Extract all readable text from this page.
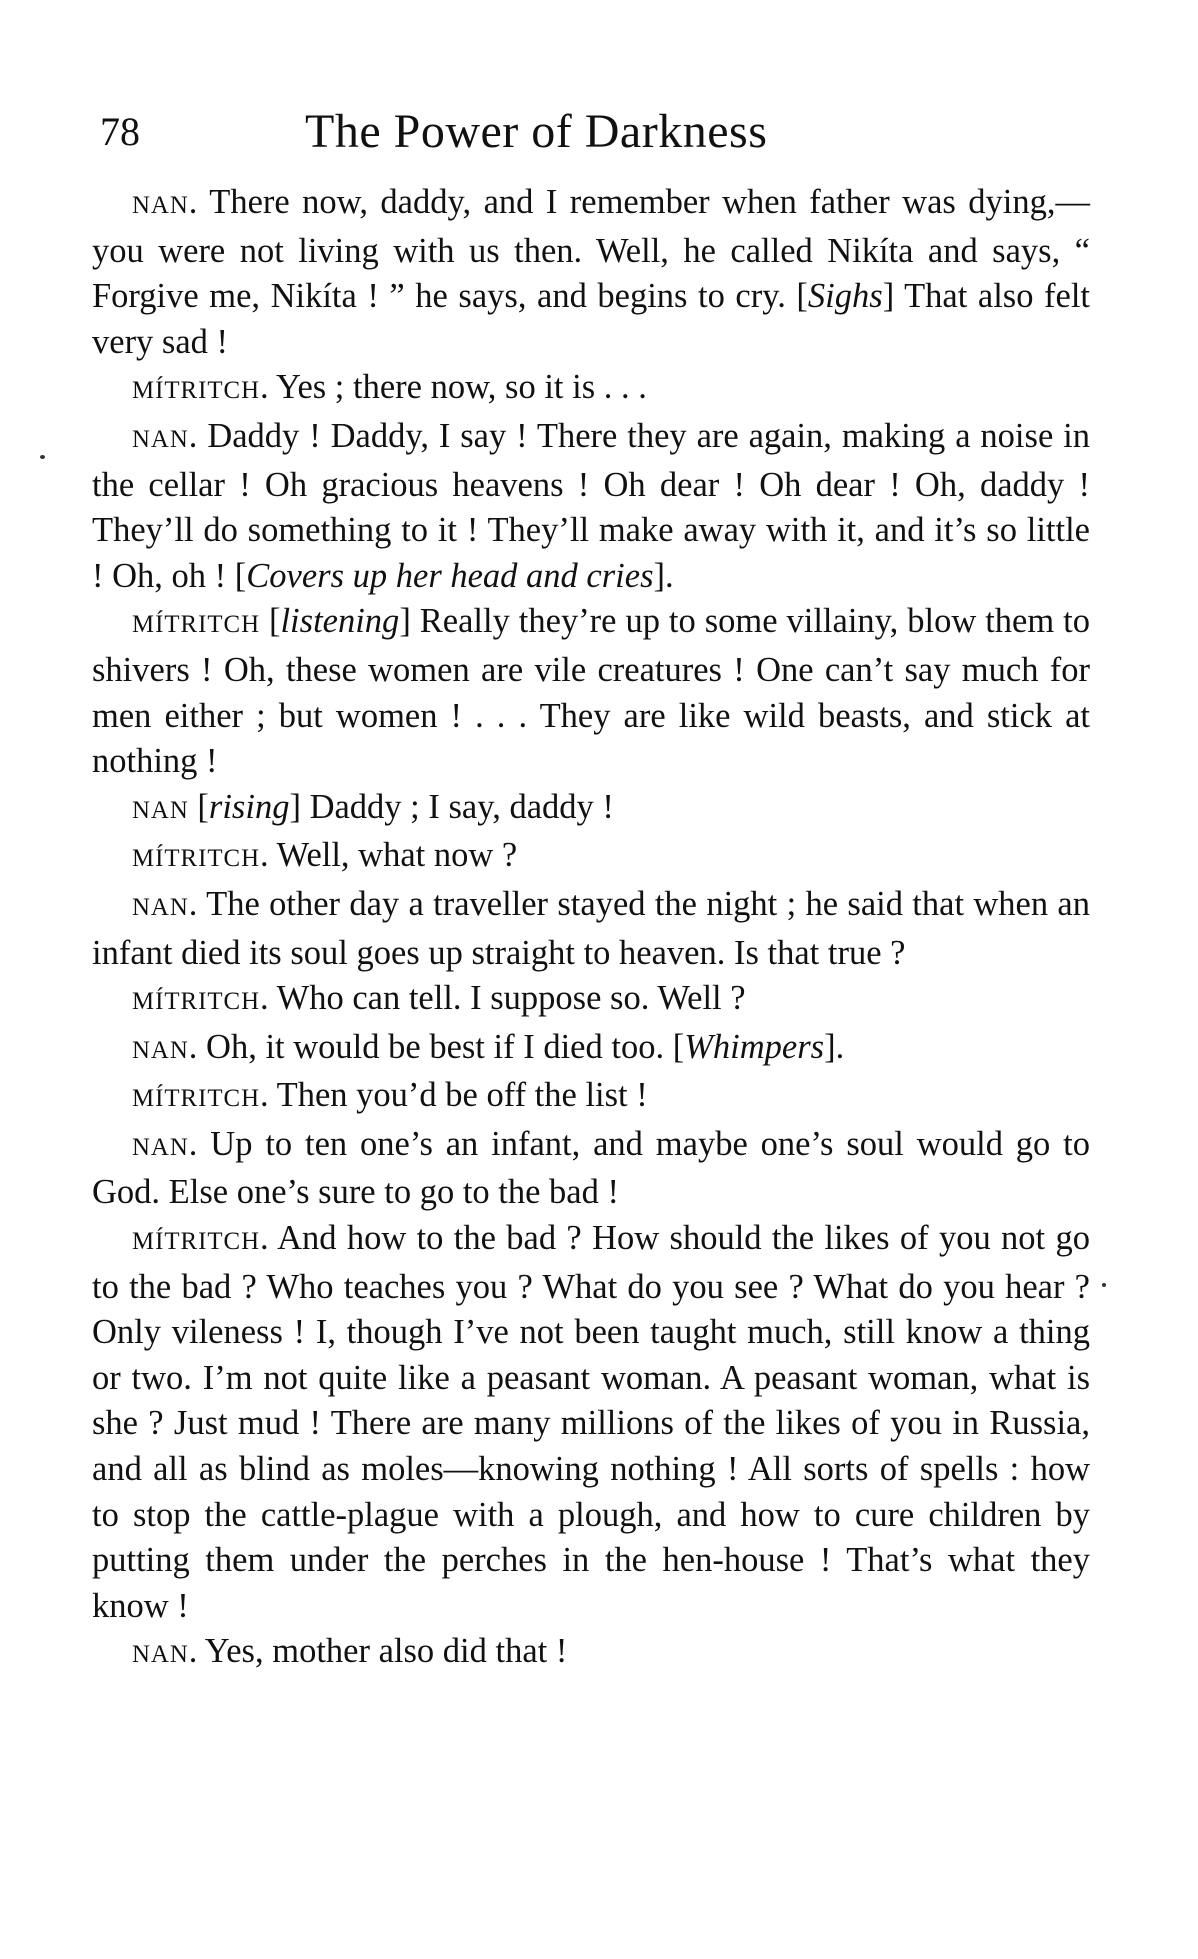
78	The Power of Darkness

NAN. There now, daddy, and I remember when father was dying,—you were not living with us then. Well, he called Nikíta and says, “ Forgive me, Nikíta ! ” he says, and begins to cry. [Sighs] That also felt very sad !

MÍTRITCH. Yes ; there now, so it is . . .

NAN. Daddy ! Daddy, I say ! There they are again, making a noise in the cellar ! Oh gracious heavens ! Oh dear ! Oh dear ! Oh, daddy ! They’ll do something to it ! They’ll make away with it, and it’s so little ! Oh, oh ! [Covers up her head and cries].

MÍTRITCH [listening] Really they’re up to some villainy, blow them to shivers ! Oh, these women are vile creatures ! One can’t say much for men either ; but women ! . . . They are like wild beasts, and stick at nothing !

NAN [rising] Daddy ; I say, daddy !

MÍTRITCH. Well, what now ?

NAN. The other day a traveller stayed the night ; he said that when an infant died its soul goes up straight to heaven. Is that true ?

MÍTRITCH. Who can tell. I suppose so. Well ?

NAN. Oh, it would be best if I died too. [Whimpers].

MÍTRITCH. Then you’d be off the list !

NAN. Up to ten one’s an infant, and maybe one’s soul would go to God. Else one’s sure to go to the bad !

MÍTRITCH. And how to the bad ? How should the likes of you not go to the bad ? Who teaches you ? What do you see ? What do you hear ? Only vileness ! I, though I’ve not been taught much, still know a thing or two. I’m not quite like a peasant woman. A peasant woman, what is she ? Just mud ! There are many millions of the likes of you in Russia, and all as blind as moles—knowing nothing ! All sorts of spells : how to stop the cattle-plague with a plough, and how to cure children by putting them under the perches in the hen-house ! That’s what they know !

NAN. Yes, mother also did that !
